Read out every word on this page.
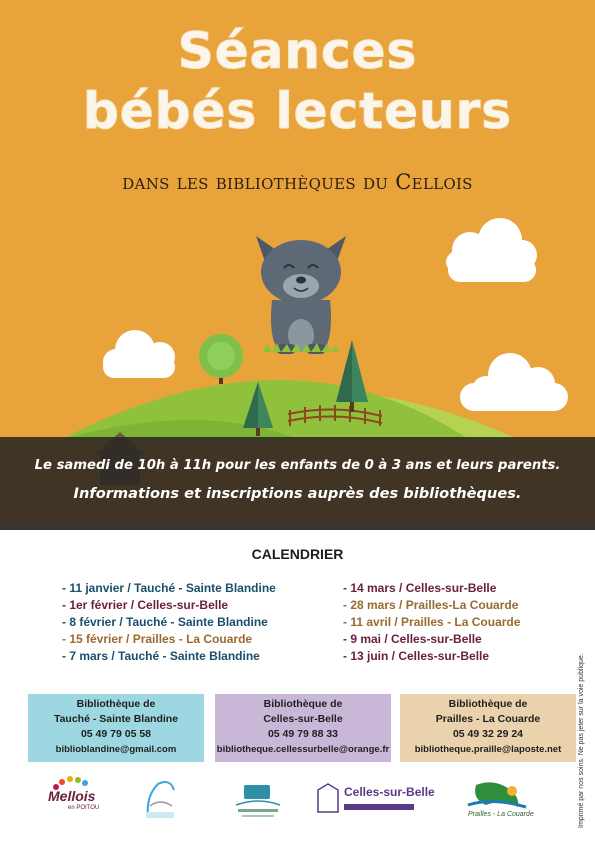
Séances
bébés lecteurs
dans les bibliothèques du Cellois
Le samedi de 10h à 11h pour les enfants de 0 à 3 ans et leurs parents.
Informations et inscriptions auprès des bibliothèques.
CALENDRIER
- 11 janvier / Tauché - Sainte Blandine
- 1er février / Celles-sur-Belle
- 8 février / Tauché - Sainte Blandine
- 15 février / Prailles - La Couarde
- 7 mars / Tauché - Sainte Blandine
- 14 mars / Celles-sur-Belle
- 28 mars / Prailles-La Couarde
- 11 avril / Prailles - La Couarde
- 9 mai / Celles-sur-Belle
- 13 juin / Celles-sur-Belle
Bibliothèque de
Tauché - Sainte Blandine
05 49 79 05 58
biblioblandine@gmail.com
Bibliothèque de
Celles-sur-Belle
05 49 79 88 33
bibliotheque.cellessurbelle@orange.fr
Bibliothèque de
Prailles - La Couarde
05 49 32 29 24
bibliotheque.praille@laposte.net
Mellois
en POITOU
Celles-sur-Belle
Prailles - La Couarde	Imprimé par nos soins. Ne pas jeter sur la voie publique.
